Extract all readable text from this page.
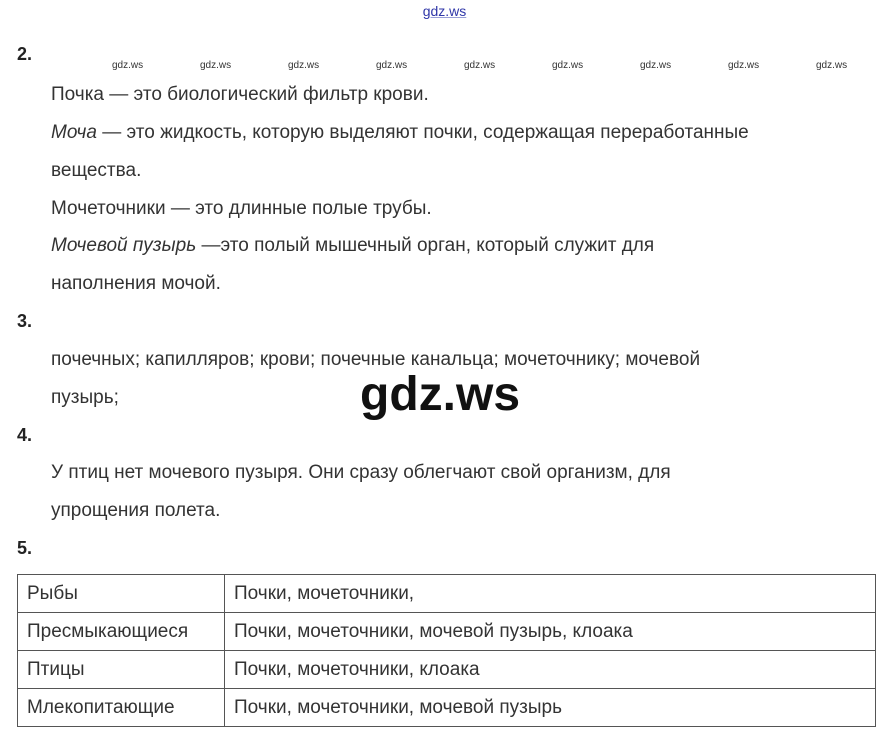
gdz.ws
gdz.ws	gdz.ws	gdz.ws	gdz.ws	gdz.ws	gdz.ws	gdz.ws	gdz.ws	gdz.ws
2.
Почка — это биологический фильтр крови.
Моча — это жидкость, которую выделяют почки, содержащая переработанные
вещества.
Мочеточники — это длинные полые трубы.
Мочевой пузырь —это полый мышечный орган, который служит для
наполнения мочой.
3.
почечных; капилляров; крови; почечные канальца; мочеточнику; мочевой
пузырь;	gdz.ws
4.
У птиц нет мочевого пузыря. Они сразу облегчают свой организм, для
упрощения полета.
5.
Рыбы	Почки, мочеточники,
Пресмыкающиеся	Почки, мочеточники, мочевой пузырь, клоака
Птицы	Почки, мочеточники, клоака
Млекопитающие	Почки, мочеточники, мочевой пузырь
